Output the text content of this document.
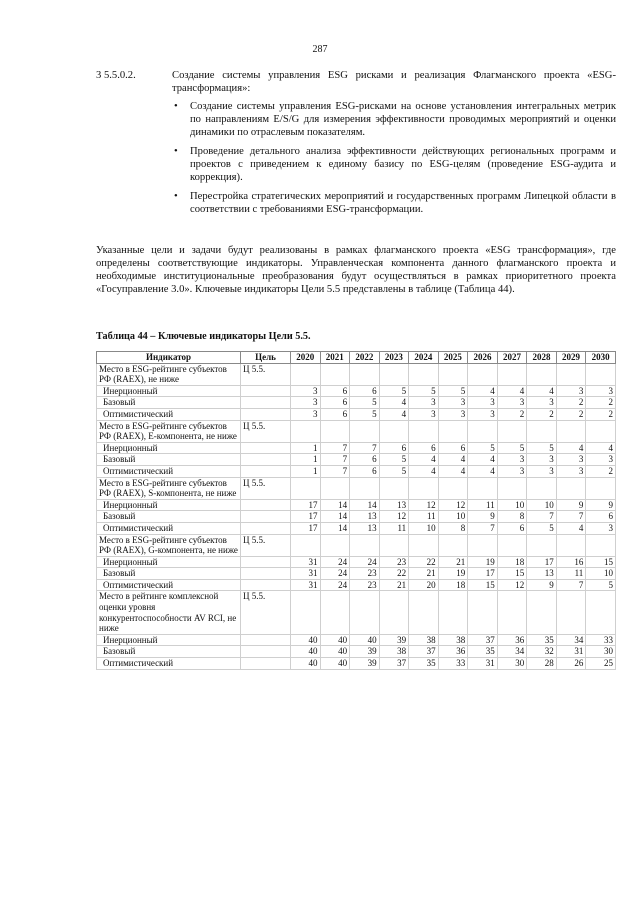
287
3 5.5.0.2.	Создание системы управления ESG рисками и реализация Флагманского проекта «ESG-трансформация»:
• Создание системы управления ESG-рисками на основе установления интегральных метрик по направлениям E/S/G для измерения эффективности проводимых мероприятий и оценки динамики по отраслевым показателям.
• Проведение детального анализа эффективности действующих региональных программ и проектов с приведением к единому базису по ESG-целям (проведение ESG-аудита и коррекция).
• Перестройка стратегических мероприятий и государственных программ Липецкой области в соответствии с требованиями ESG-трансформации.
Указанные цели и задачи будут реализованы в рамках флагманского проекта «ESG трансформация», где определены соответствующие индикаторы. Управленческая компонента данного флагманского проекта и необходимые институциональные преобразования будут осуществляться в рамках приоритетного проекта «Госуправление 3.0». Ключевые индикаторы Цели 5.5 представлены в таблице (Таблица 44).
Таблица 44 – Ключевые индикаторы Цели 5.5.
Индикатор	Цель	2020	2021	2022	2023	2024	2025	2026	2027	2028	2029	2030
Место в ESG-рейтинге субъектов РФ (RAEX), не ниже	Ц 5.5.											
Инерционный		3	6	6	5	5	5	4	4	4	3	3
Базовый		3	6	5	4	3	3	3	3	3	2	2
Оптимистический		3	6	5	4	3	3	3	2	2	2	2
Место в ESG-рейтинге субъектов РФ (RAEX), E-компонента, не ниже	Ц 5.5.											
Инерционный		1	7	7	6	6	6	5	5	5	4	4
Базовый		1	7	6	5	4	4	4	3	3	3	3
Оптимистический		1	7	6	5	4	4	4	3	3	3	2
Место в ESG-рейтинге субъектов РФ (RAEX), S-компонента, не ниже	Ц 5.5.											
Инерционный		17	14	14	13	12	12	11	10	10	9	9
Базовый		17	14	13	12	11	10	9	8	7	7	6
Оптимистический		17	14	13	11	10	8	7	6	5	4	3
Место в ESG-рейтинге субъектов РФ (RAEX), G-компонента, не ниже	Ц 5.5.											
Инерционный		31	24	24	23	22	21	19	18	17	16	15
Базовый		31	24	23	22	21	19	17	15	13	11	10
Оптимистический		31	24	23	21	20	18	15	12	9	7	5
Место в рейтинге комплексной оценки уровня конкурентоспособности AV RCI, не ниже	Ц 5.5.											
Инерционный		40	40	40	39	38	38	37	36	35	34	33
Базовый		40	40	39	38	37	36	35	34	32	31	30
Оптимистический		40	40	39	37	35	33	31	30	28	26	25
